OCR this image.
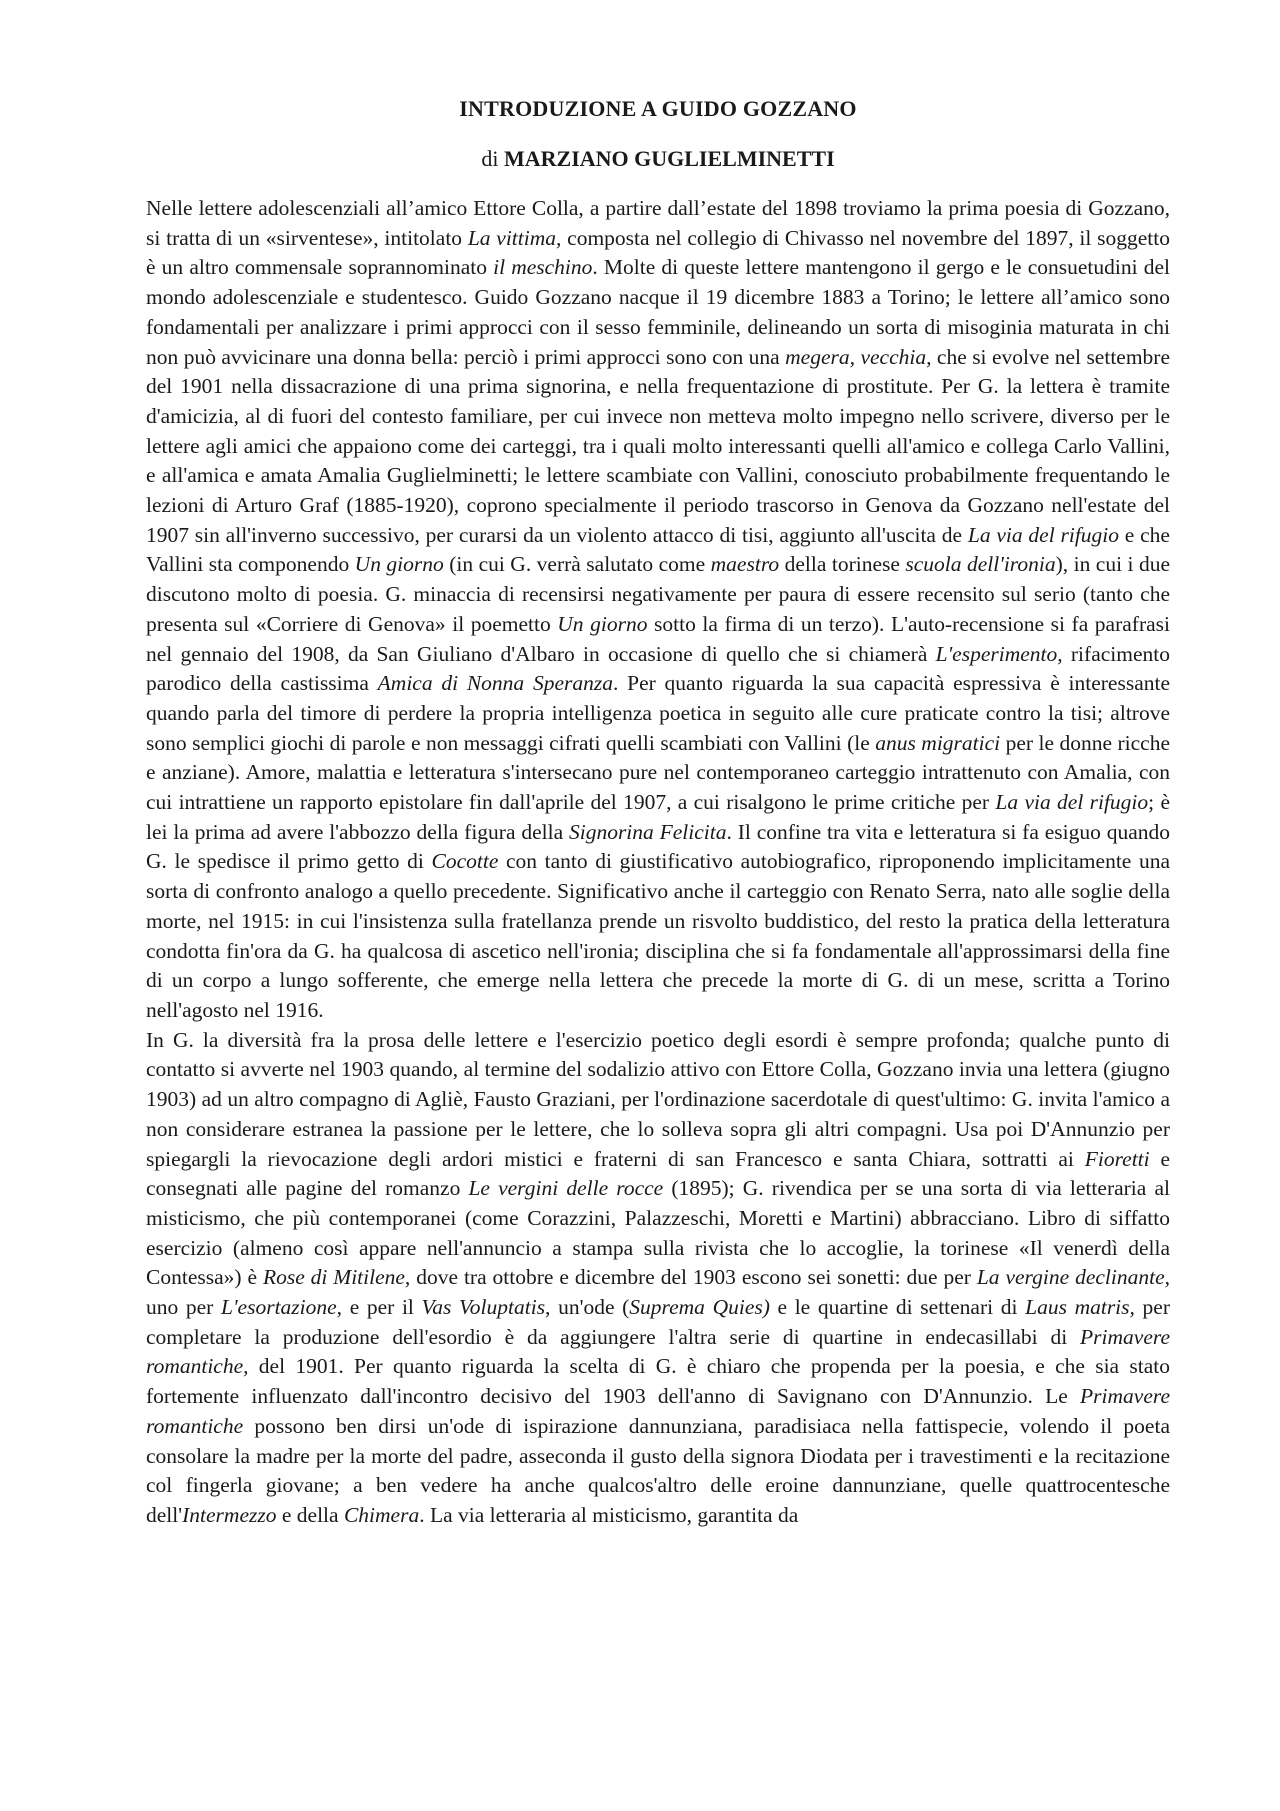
INTRODUZIONE A GUIDO GOZZANO

di MARZIANO GUGLIELMINETTI

Nelle lettere adolescenziali all’amico Ettore Colla, a partire dall’estate del 1898 troviamo la prima poesia di Gozzano, si tratta di un «sirventese», intitolato La vittima, composta nel collegio di Chivasso nel novembre del 1897, il soggetto è un altro commensale soprannominato il meschino. Molte di queste lettere mantengono il gergo e le consuetudini del mondo adolescenziale e studentesco. Guido Gozzano nacque il 19 dicembre 1883 a Torino; le lettere all’amico sono fondamentali per analizzare i primi approcci con il sesso femminile, delineando un sorta di misoginia maturata in chi non può avvicinare una donna bella: perciò i primi approcci sono con una megera, vecchia, che si evolve nel settembre del 1901 nella dissacrazione di una prima signorina, e nella frequentazione di prostitute. Per G. la lettera è tramite d'amicizia, al di fuori del contesto familiare, per cui invece non metteva molto impegno nello scrivere, diverso per le lettere agli amici che appaiono come dei carteggi, tra i quali molto interessanti quelli all'amico e collega Carlo Vallini, e all'amica e amata Amalia Guglielminetti; le lettere scambiate con Vallini, conosciuto probabilmente frequentando le lezioni di Arturo Graf (1885-1920), coprono specialmente il periodo trascorso in Genova da Gozzano nell'estate del 1907 sin all'inverno successivo, per curarsi da un violento attacco di tisi, aggiunto all'uscita de La via del rifugio e che Vallini sta componendo Un giorno (in cui G. verrà salutato come maestro della torinese scuola dell'ironia), in cui i due discutono molto di poesia. G. minaccia di recensirsi negativamente per paura di essere recensito sul serio (tanto che presenta sul «Corriere di Genova» il poemetto Un giorno sotto la firma di un terzo). L'auto-recensione si fa parafrasi nel gennaio del 1908, da San Giuliano d'Albaro in occasione di quello che si chiamerà L'esperimento, rifacimento parodico della castissima Amica di Nonna Speranza. Per quanto riguarda la sua capacità espressiva è interessante quando parla del timore di perdere la propria intelligenza poetica in seguito alle cure praticate contro la tisi; altrove sono semplici giochi di parole e non messaggi cifrati quelli scambiati con Vallini (le anus migratici per le donne ricche e anziane). Amore, malattia e letteratura s'intersecano pure nel contemporaneo carteggio intrattenuto con Amalia, con cui intrattiene un rapporto epistolare fin dall'aprile del 1907, a cui risalgono le prime critiche per La via del rifugio; è lei la prima ad avere l'abbozzo della figura della Signorina Felicita. Il confine tra vita e letteratura si fa esiguo quando G. le spedisce il primo getto di Cocotte con tanto di giustificativo autobiografico, riproponendo implicitamente una sorta di confronto analogo a quello precedente. Significativo anche il carteggio con Renato Serra, nato alle soglie della morte, nel 1915: in cui l'insistenza sulla fratellanza prende un risvolto buddistico, del resto la pratica della letteratura condotta fin'ora da G. ha qualcosa di ascetico nell'ironia; disciplina che si fa fondamentale all'approssimarsi della fine di un corpo a lungo sofferente, che emerge nella lettera che precede la morte di G. di un mese, scritta a Torino nell'agosto nel 1916.

In G. la diversità fra la prosa delle lettere e l'esercizio poetico degli esordi è sempre profonda; qualche punto di contatto si avverte nel 1903 quando, al termine del sodalizio attivo con Ettore Colla, Gozzano invia una lettera (giugno 1903) ad un altro compagno di Agliè, Fausto Graziani, per l'ordinazione sacerdotale di quest'ultimo: G. invita l'amico a non considerare estranea la passione per le lettere, che lo solleva sopra gli altri compagni. Usa poi D'Annunzio per spiegargli la rievocazione degli ardori mistici e fraterni di san Francesco e santa Chiara, sottratti ai Fioretti e consegnati alle pagine del romanzo Le vergini delle rocce (1895); G. rivendica per se una sorta di via letteraria al misticismo, che più contemporanei (come Corazzini, Palazzeschi, Moretti e Martini) abbracciano. Libro di siffatto esercizio (almeno così appare nell'annuncio a stampa sulla rivista che lo accoglie, la torinese «Il venerdì della Contessa») è Rose di Mitilene, dove tra ottobre e dicembre del 1903 escono sei sonetti: due per La vergine declinante, uno per L'esortazione, e per il Vas Voluptatis, un'ode (Suprema Quies) e le quartine di settenari di Laus matris, per completare la produzione dell'esordio è da aggiungere l'altra serie di quartine in endecasillabi di Primavere romantiche, del 1901. Per quanto riguarda la scelta di G. è chiaro che propenda per la poesia, e che sia stato fortemente influenzato dall'incontro decisivo del 1903 dell'anno di Savignano con D'Annunzio. Le Primavere romantiche possono ben dirsi un'ode di ispirazione dannunziana, paradisiaca nella fattispecie, volendo il poeta consolare la madre per la morte del padre, asseconda il gusto della signora Diodata per i travestimenti e la recitazione col fingerla giovane; a ben vedere ha anche qualcos'altro delle eroine dannunziane, quelle quattrocentesche dell'Intermezzo e della Chimera. La via letteraria al misticismo, garantita da
